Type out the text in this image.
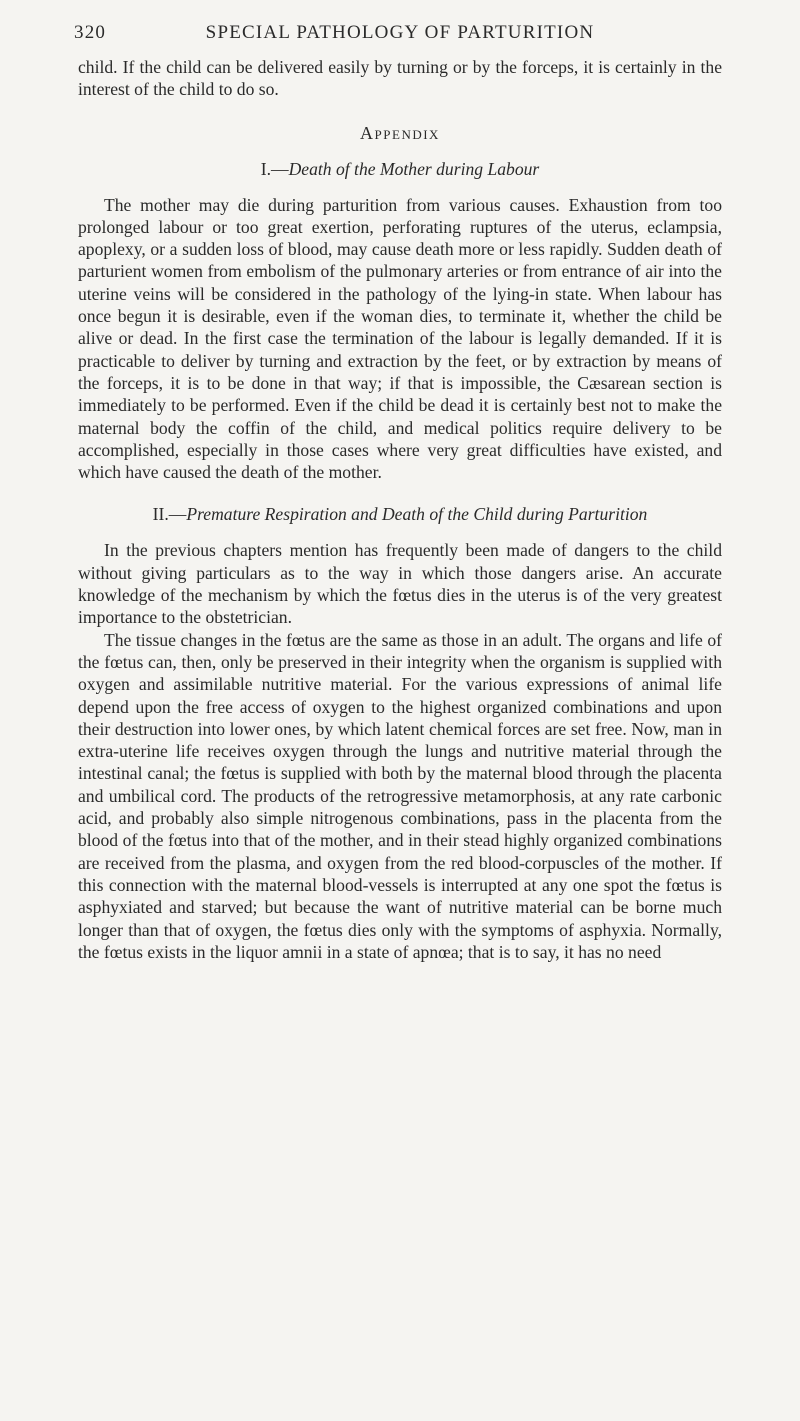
320	SPECIAL PATHOLOGY OF PARTURITION

child. If the child can be delivered easily by turning or by the forceps, it is certainly in the interest of the child to do so.

Appendix
I.—Death of the Mother during Labour

The mother may die during parturition from various causes. Exhaustion from too prolonged labour or too great exertion, perforating ruptures of the uterus, eclampsia, apoplexy, or a sudden loss of blood, may cause death more or less rapidly. Sudden death of parturient women from embolism of the pulmonary arteries or from entrance of air into the uterine veins will be considered in the pathology of the lying-in state. When labour has once begun it is desirable, even if the woman dies, to terminate it, whether the child be alive or dead. In the first case the termination of the labour is legally demanded. If it is practicable to deliver by turning and extraction by the feet, or by extraction by means of the forceps, it is to be done in that way; if that is impossible, the Cæsarean section is immediately to be performed. Even if the child be dead it is certainly best not to make the maternal body the coffin of the child, and medical politics require delivery to be accomplished, especially in those cases where very great difficulties have existed, and which have caused the death of the mother.

II.—Premature Respiration and Death of the Child during Parturition

In the previous chapters mention has frequently been made of dangers to the child without giving particulars as to the way in which those dangers arise. An accurate knowledge of the mechanism by which the fœtus dies in the uterus is of the very greatest importance to the obstetrician.

The tissue changes in the fœtus are the same as those in an adult. The organs and life of the fœtus can, then, only be preserved in their integrity when the organism is supplied with oxygen and assimilable nutritive material. For the various expressions of animal life depend upon the free access of oxygen to the highest organized combinations and upon their destruction into lower ones, by which latent chemical forces are set free. Now, man in extra-uterine life receives oxygen through the lungs and nutritive material through the intestinal canal; the fœtus is supplied with both by the maternal blood through the placenta and umbilical cord. The products of the retrogressive metamorphosis, at any rate carbonic acid, and probably also simple nitrogenous combinations, pass in the placenta from the blood of the fœtus into that of the mother, and in their stead highly organized combinations are received from the plasma, and oxygen from the red blood-corpuscles of the mother. If this connection with the maternal blood-vessels is interrupted at any one spot the fœtus is asphyxiated and starved; but because the want of nutritive material can be borne much longer than that of oxygen, the fœtus dies only with the symptoms of asphyxia. Normally, the fœtus exists in the liquor amnii in a state of apnœa; that is to say, it has no need
